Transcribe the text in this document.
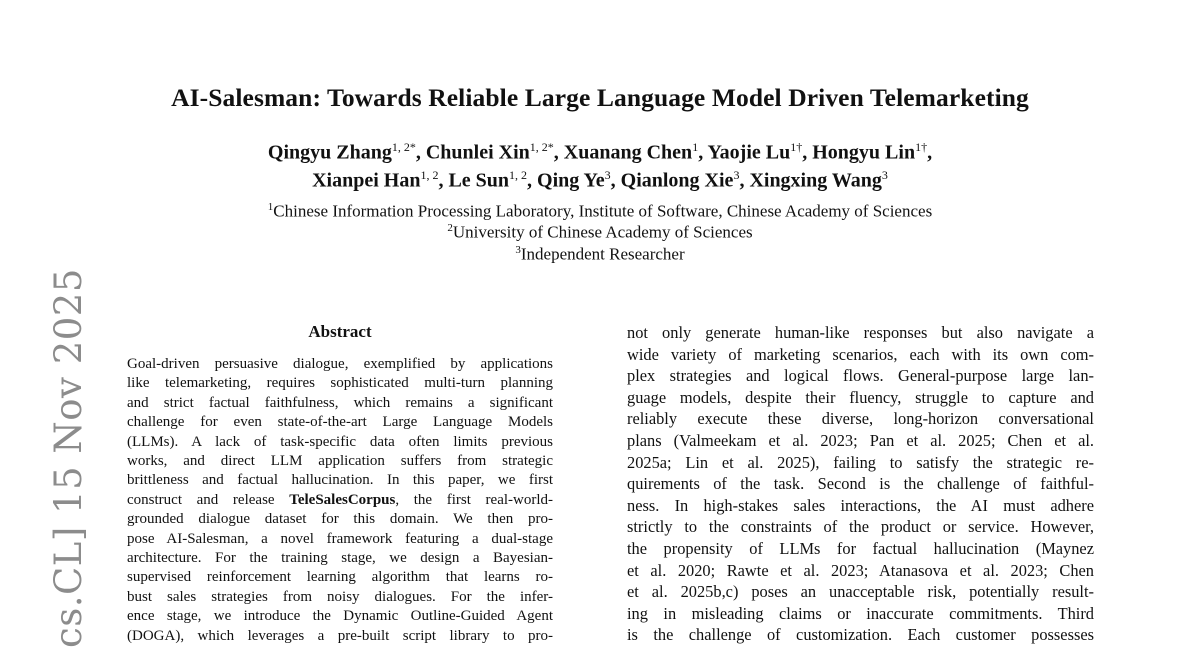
AI-Salesman: Towards Reliable Large Language Model Driven Telemarketing
Qingyu Zhang$^{1, 2*}$, Chunlei Xin$^{1, 2*}$, Xuanang Chen$^1$, Yaojie $Lu^{1\dagger}$, Hongyu Lin$^{1\dagger}$,
Xianpei Han$^{1, 2}$, Le Sun$^{1, 2}$, Qing Ye$^3$, Qianlong Xie$^3$, Xingxing Wang$^3$
$^1$Chinese Information Processing Laboratory, Institute of Software, Chinese Academy of Sciences
$^2$University of Chinese Academy of Sciences
$^3$Independent Researcher
cs.CL] 15 Nov 2025	Abstract
Goal-driven persuasive dialogue, exemplified by applications
like telemarketing, requires sophisticated multi-turn planning
and strict factual faithfulness, which remains a significant
challenge for even state-of-the-art Large Language Models
(LLMs). A lack of task-specific data often limits previous
works, and direct LLM application suffers from strategic
brittleness and factual hallucination. In this paper, we first
construct and release TeleSalesCorpus, the first real-world-
grounded dialogue dataset for this domain. We then pro-
pose AI-Salesman, a novel framework featuring a dual-stage
architecture. For the training stage, we design a Bayesian-
supervised reinforcement learning algorithm that learns ro-
bust sales strategies from noisy dialogues. For the infer-
ence stage, we introduce the Dynamic Outline-Guided Agent
(DOGA), which leverages a pre-built script library to pro-
not only generate human-like responses but also navigate a
wide variety of marketing scenarios, each with its own com-
plex strategies and logical flows. General-purpose large lan-
guage models, despite their fluency, struggle to capture and
reliably execute these diverse, long-horizon conversational
plans (Valmeekam et al. 2023; Pan et al. 2025; Chen et al.
2025a; Lin et al. 2025), failing to satisfy the strategic re-
quirements of the task. Second is the challenge of faithful-
ness. In high-stakes sales interactions, the AI must adhere
strictly to the constraints of the product or service. However,
the propensity of LLMs for factual hallucination (Maynez
et al. 2020; Rawte et al. 2023; Atanasova et al. 2023; Chen
et al. 2025b,c) poses an unacceptable risk, potentially result-
ing in misleading claims or inaccurate commitments. Third
is the challenge of customization. Each customer possesses
